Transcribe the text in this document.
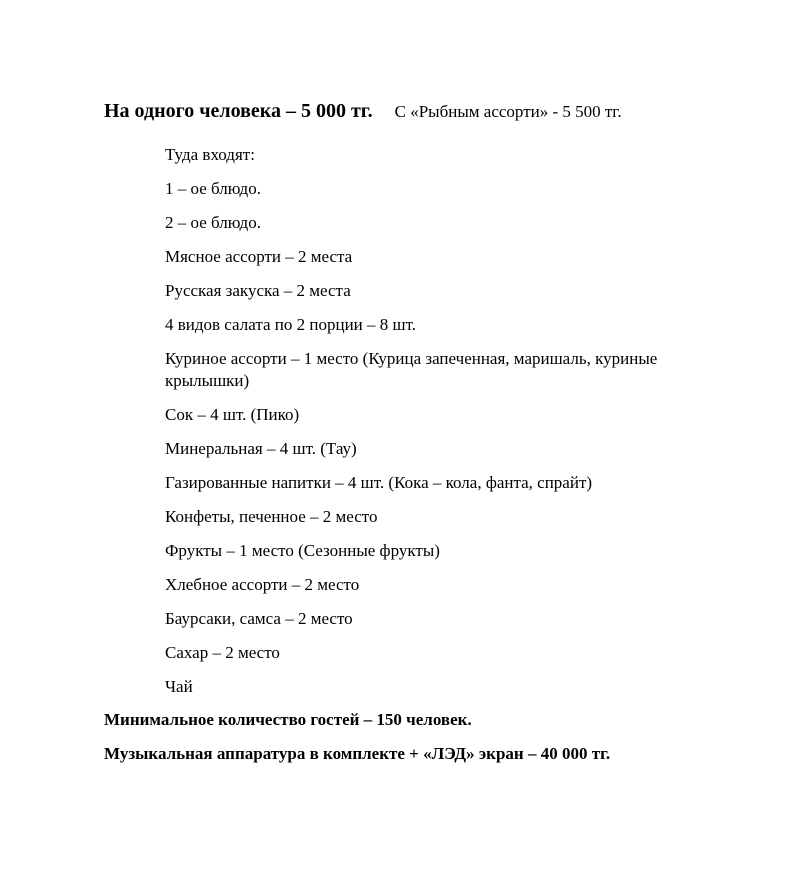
На одного человека – 5 000 тг. С «Рыбным ассорти» - 5 500 тг.
Туда входят:
1 – ое блюдо.
2 – ое блюдо.
Мясное ассорти – 2 места
Русская закуска – 2 места
4 видов салата по 2 порции – 8 шт.
Куриное ассорти – 1 место (Курица запеченная, маришаль, куриные крылышки)
Сок – 4 шт. (Пико)
Минеральная – 4 шт. (Тау)
Газированные напитки – 4 шт. (Кока – кола, фанта, спрайт)
Конфеты, печенное – 2 место
Фрукты – 1 место (Сезонные фрукты)
Хлебное ассорти – 2 место
Баурсаки, самса – 2 место
Сахар – 2 место
Чай
Минимальное количество гостей – 150 человек.
Музыкальная аппаратура в комплекте + «ЛЭД» экран – 40 000 тг.
